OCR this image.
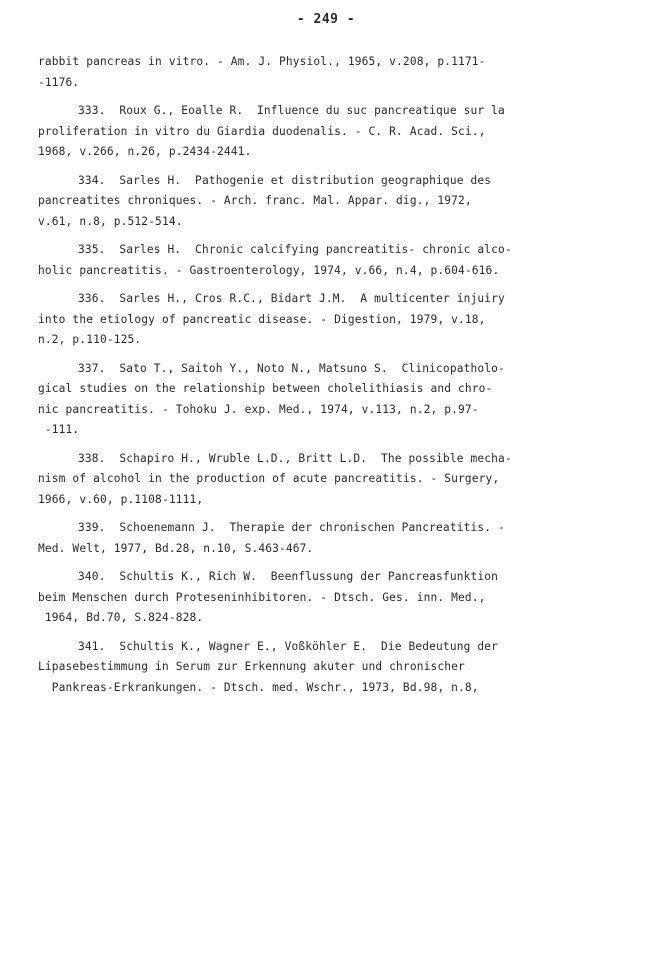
- 249 -
rabbit pancreas in vitro. - Am. J. Physiol., 1965, v.208, p.1171-
-1176.
333.  Roux G., Eoalle R.  Influence du suc pancreatique sur la
proliferation in vitro du Giardia duodenalis. - C. R. Acad. Sci.,
1968, v.266, n.26, p.2434-2441.
334.  Sarles H.  Pathogenie et distribution geographique des
pancreatites chroniques. - Arch. franc. Mal. Appar. dig., 1972,
v.61, n.8, p.512-514.
335.  Sarles H.  Chronic calcifying pancreatitis- chronic alco-
holic pancreatitis. - Gastroenterology, 1974, v.66, n.4, p.604-616.
336.  Sarles H., Cros R.C., Bidart J.M.  A multicenter injuiry
into the etiology of pancreatic disease. - Digestion, 1979, v.18,
n.2, p.110-125.
337.  Sato T., Saitoh Y., Noto N., Matsuno S.  Clinicopatholo-
gical studies on the relationship between cholelithiasis and chro-
nic pancreatitis. - Tohoku J. exp. Med., 1974, v.113, n.2, p.97-
-111.
338.  Schapiro H., Wruble L.D., Britt L.D.  The possible mecha-
nism of alcohol in the production of acute pancreatitis. - Surgery,
1966, v.60, p.1108-1111,
339.  Schoenemann J.  Therapie der chronischen Pancreatitis. -
Med. Welt, 1977, Bd.28, n.10, S.463-467.
340.  Schultis K., Rich W.  Beenflussung der Pancreasfunktion
beim Menschen durch Proteseninhibitoren. - Dtsch. Ges. inn. Med.,
1964, Bd.70, S.824-828.
341.  Schultis K., Wagner E., Voßköhler E.  Die Bedeutung der
Lipasebestimmung in Serum zur Erkennung akuter und chronischer
Pankreas-Erkrankungen. - Dtsch. med. Wschr., 1973, Bd.98, n.8,
